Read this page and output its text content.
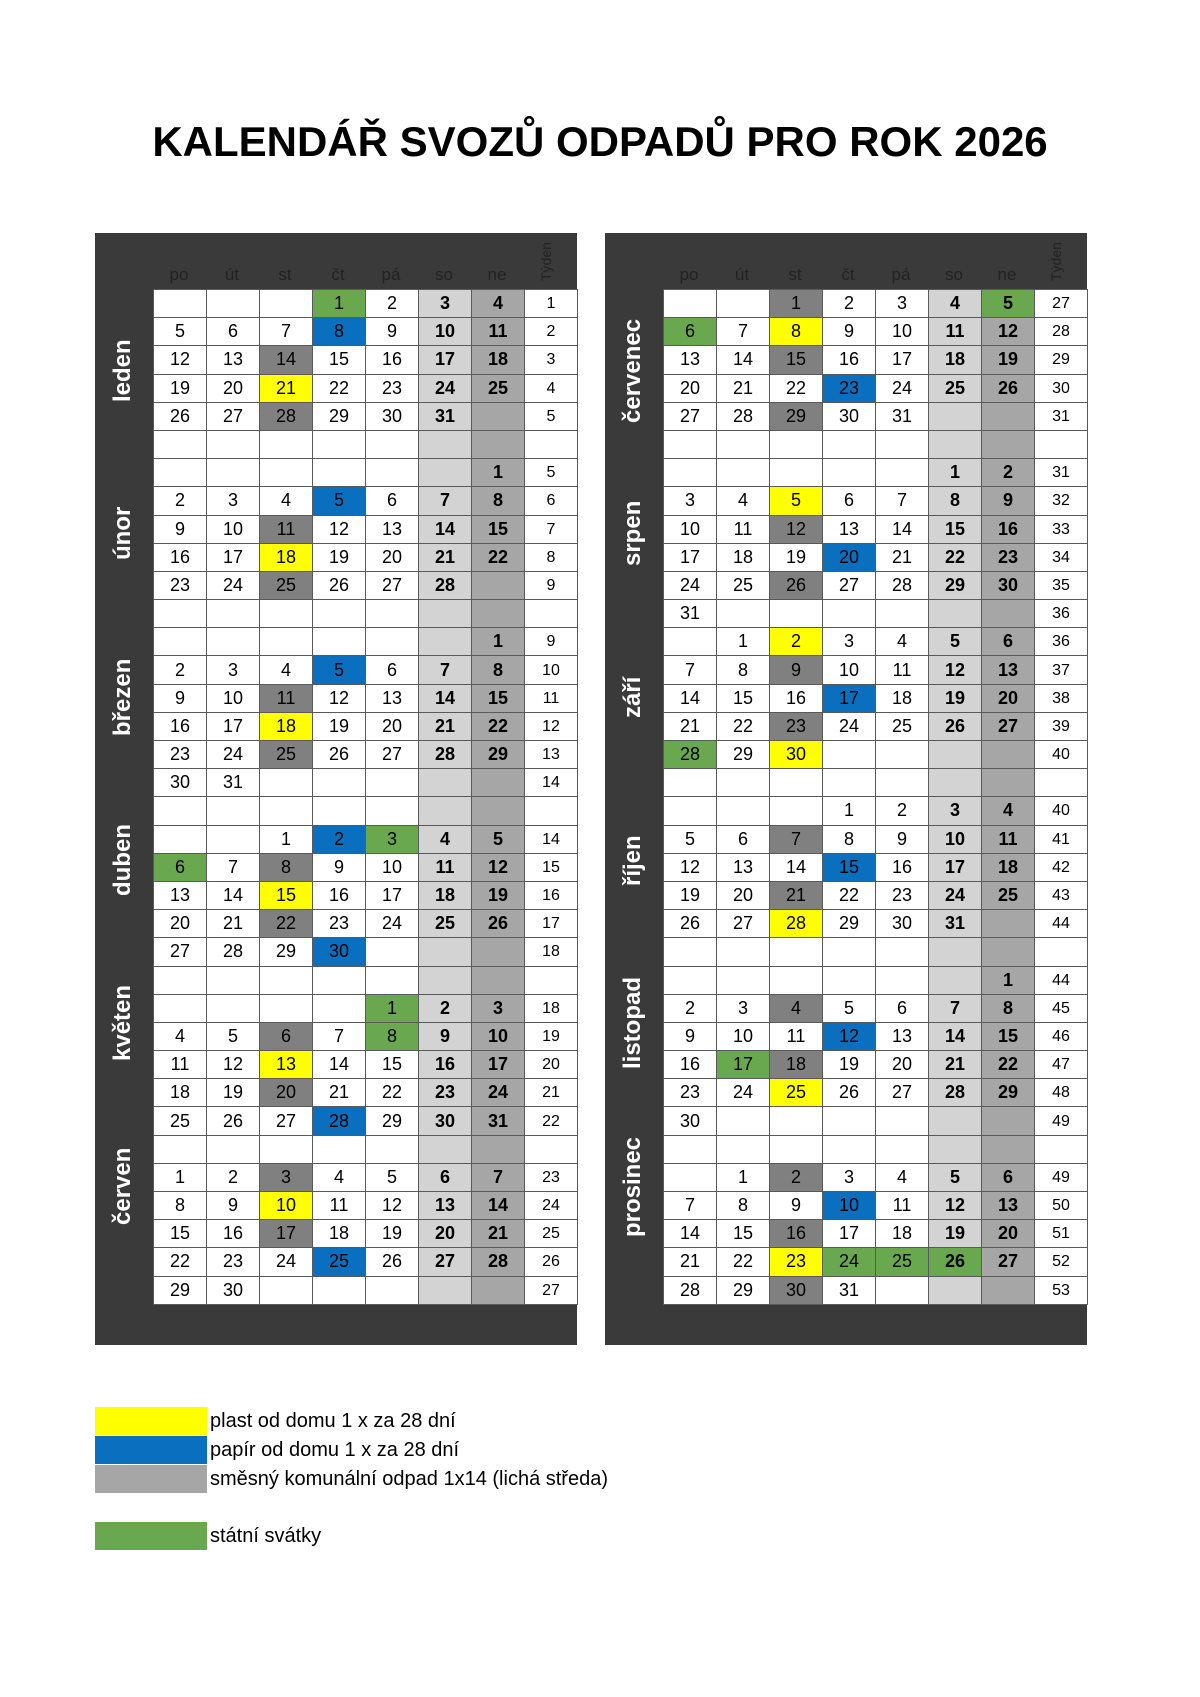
KALENDÁŘ SVOZŮ ODPADŮ PRO ROK 2026
po	út	st	čt	pá	so	ne	Týden
leden
únor
březen
duben
květen
červen
			1	2	3	4	1
5	6	7	8	9	10	11	2
12	13	14	15	16	17	18	3
19	20	21	22	23	24	25	4
26	27	28	29	30	31		5

						1	5
2	3	4	5	6	7	8	6
9	10	11	12	13	14	15	7
16	17	18	19	20	21	22	8
23	24	25	26	27	28		9

						1	9
2	3	4	5	6	7	8	10
9	10	11	12	13	14	15	11
16	17	18	19	20	21	22	12
23	24	25	26	27	28	29	13
30	31						14

		1	2	3	4	5	14
6	7	8	9	10	11	12	15
13	14	15	16	17	18	19	16
20	21	22	23	24	25	26	17
27	28	29	30				18

				1	2	3	18
4	5	6	7	8	9	10	19
11	12	13	14	15	16	17	20
18	19	20	21	22	23	24	21
25	26	27	28	29	30	31	22

1	2	3	4	5	6	7	23
8	9	10	11	12	13	14	24
15	16	17	18	19	20	21	25
22	23	24	25	26	27	28	26
29	30						27
po	út	st	čt	pá	so	ne	Týden
červenec
srpen
září
říjen
listopad
prosinec
		1	2	3	4	5	27
6	7	8	9	10	11	12	28
13	14	15	16	17	18	19	29
20	21	22	23	24	25	26	30
27	28	29	30	31			31

					1	2	31
3	4	5	6	7	8	9	32
10	11	12	13	14	15	16	33
17	18	19	20	21	22	23	34
24	25	26	27	28	29	30	35
31							36
	1	2	3	4	5	6	36
7	8	9	10	11	12	13	37
14	15	16	17	18	19	20	38
21	22	23	24	25	26	27	39
28	29	30					40

			1	2	3	4	40
5	6	7	8	9	10	11	41
12	13	14	15	16	17	18	42
19	20	21	22	23	24	25	43
26	27	28	29	30	31		44

						1	44
2	3	4	5	6	7	8	45
9	10	11	12	13	14	15	46
16	17	18	19	20	21	22	47
23	24	25	26	27	28	29	48
30							49

	1	2	3	4	5	6	49
7	8	9	10	11	12	13	50
14	15	16	17	18	19	20	51
21	22	23	24	25	26	27	52
28	29	30	31				53
plast od domu 1 x za 28 dní
papír od domu 1 x za 28 dní
směsný komunální odpad 1x14 (lichá středa)
státní svátky
